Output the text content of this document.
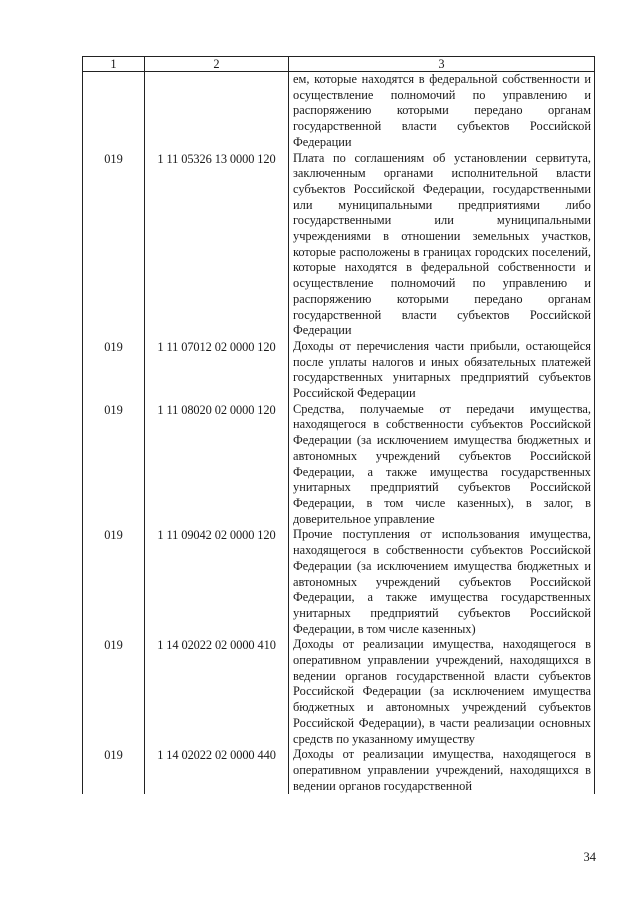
1	2	3

		ем, которые находятся в федеральной собственности и осуществление полномочий по управлению и распоряжению которыми передано органам государственной власти субъектов Российской Федерации

019	1 11 05326 13 0000 120	Плата по соглашениям об установлении сервитута, заключенным органами исполнительной власти субъектов Российской Федерации, государственными или муниципальными предприятиями либо государственными или муниципальными учреждениями в отношении земельных участков, которые расположены в границах городских поселений, которые находятся в федеральной собственности и осуществление полномочий по управлению и распоряжению которыми передано органам государственной власти субъектов Российской Федерации

019	1 11 07012 02 0000 120	Доходы от перечисления части прибыли, остающейся после уплаты налогов и иных обязательных платежей государственных унитарных предприятий субъектов Российской Федерации

019	1 11 08020 02 0000 120	Средства, получаемые от передачи имущества, находящегося в собственности субъектов Российской Федерации (за исключением имущества бюджетных и автономных учреждений субъектов Российской Федерации, а также имущества государственных унитарных предприятий субъектов Российской Федерации, в том числе казенных), в залог, в доверительное управление

019	1 11 09042 02 0000 120	Прочие поступления от использования имущества, находящегося в собственности субъектов Российской Федерации (за исключением имущества бюджетных и автономных учреждений субъектов Российской Федерации, а также имущества государственных унитарных предприятий субъектов Российской Федерации, в том числе казенных)

019	1 14 02022 02 0000 410	Доходы от реализации имущества, находящегося в оперативном управлении учреждений, находящихся в ведении органов государственной власти субъектов Российской Федерации (за исключением имущества бюджетных и автономных учреждений субъектов Российской Федерации), в части реализации основных средств по указанному имуществу

019	1 14 02022 02 0000 440	Доходы от реализации имущества, находящегося в оперативном управлении учреждений, находящихся в ведении органов государственной
34
